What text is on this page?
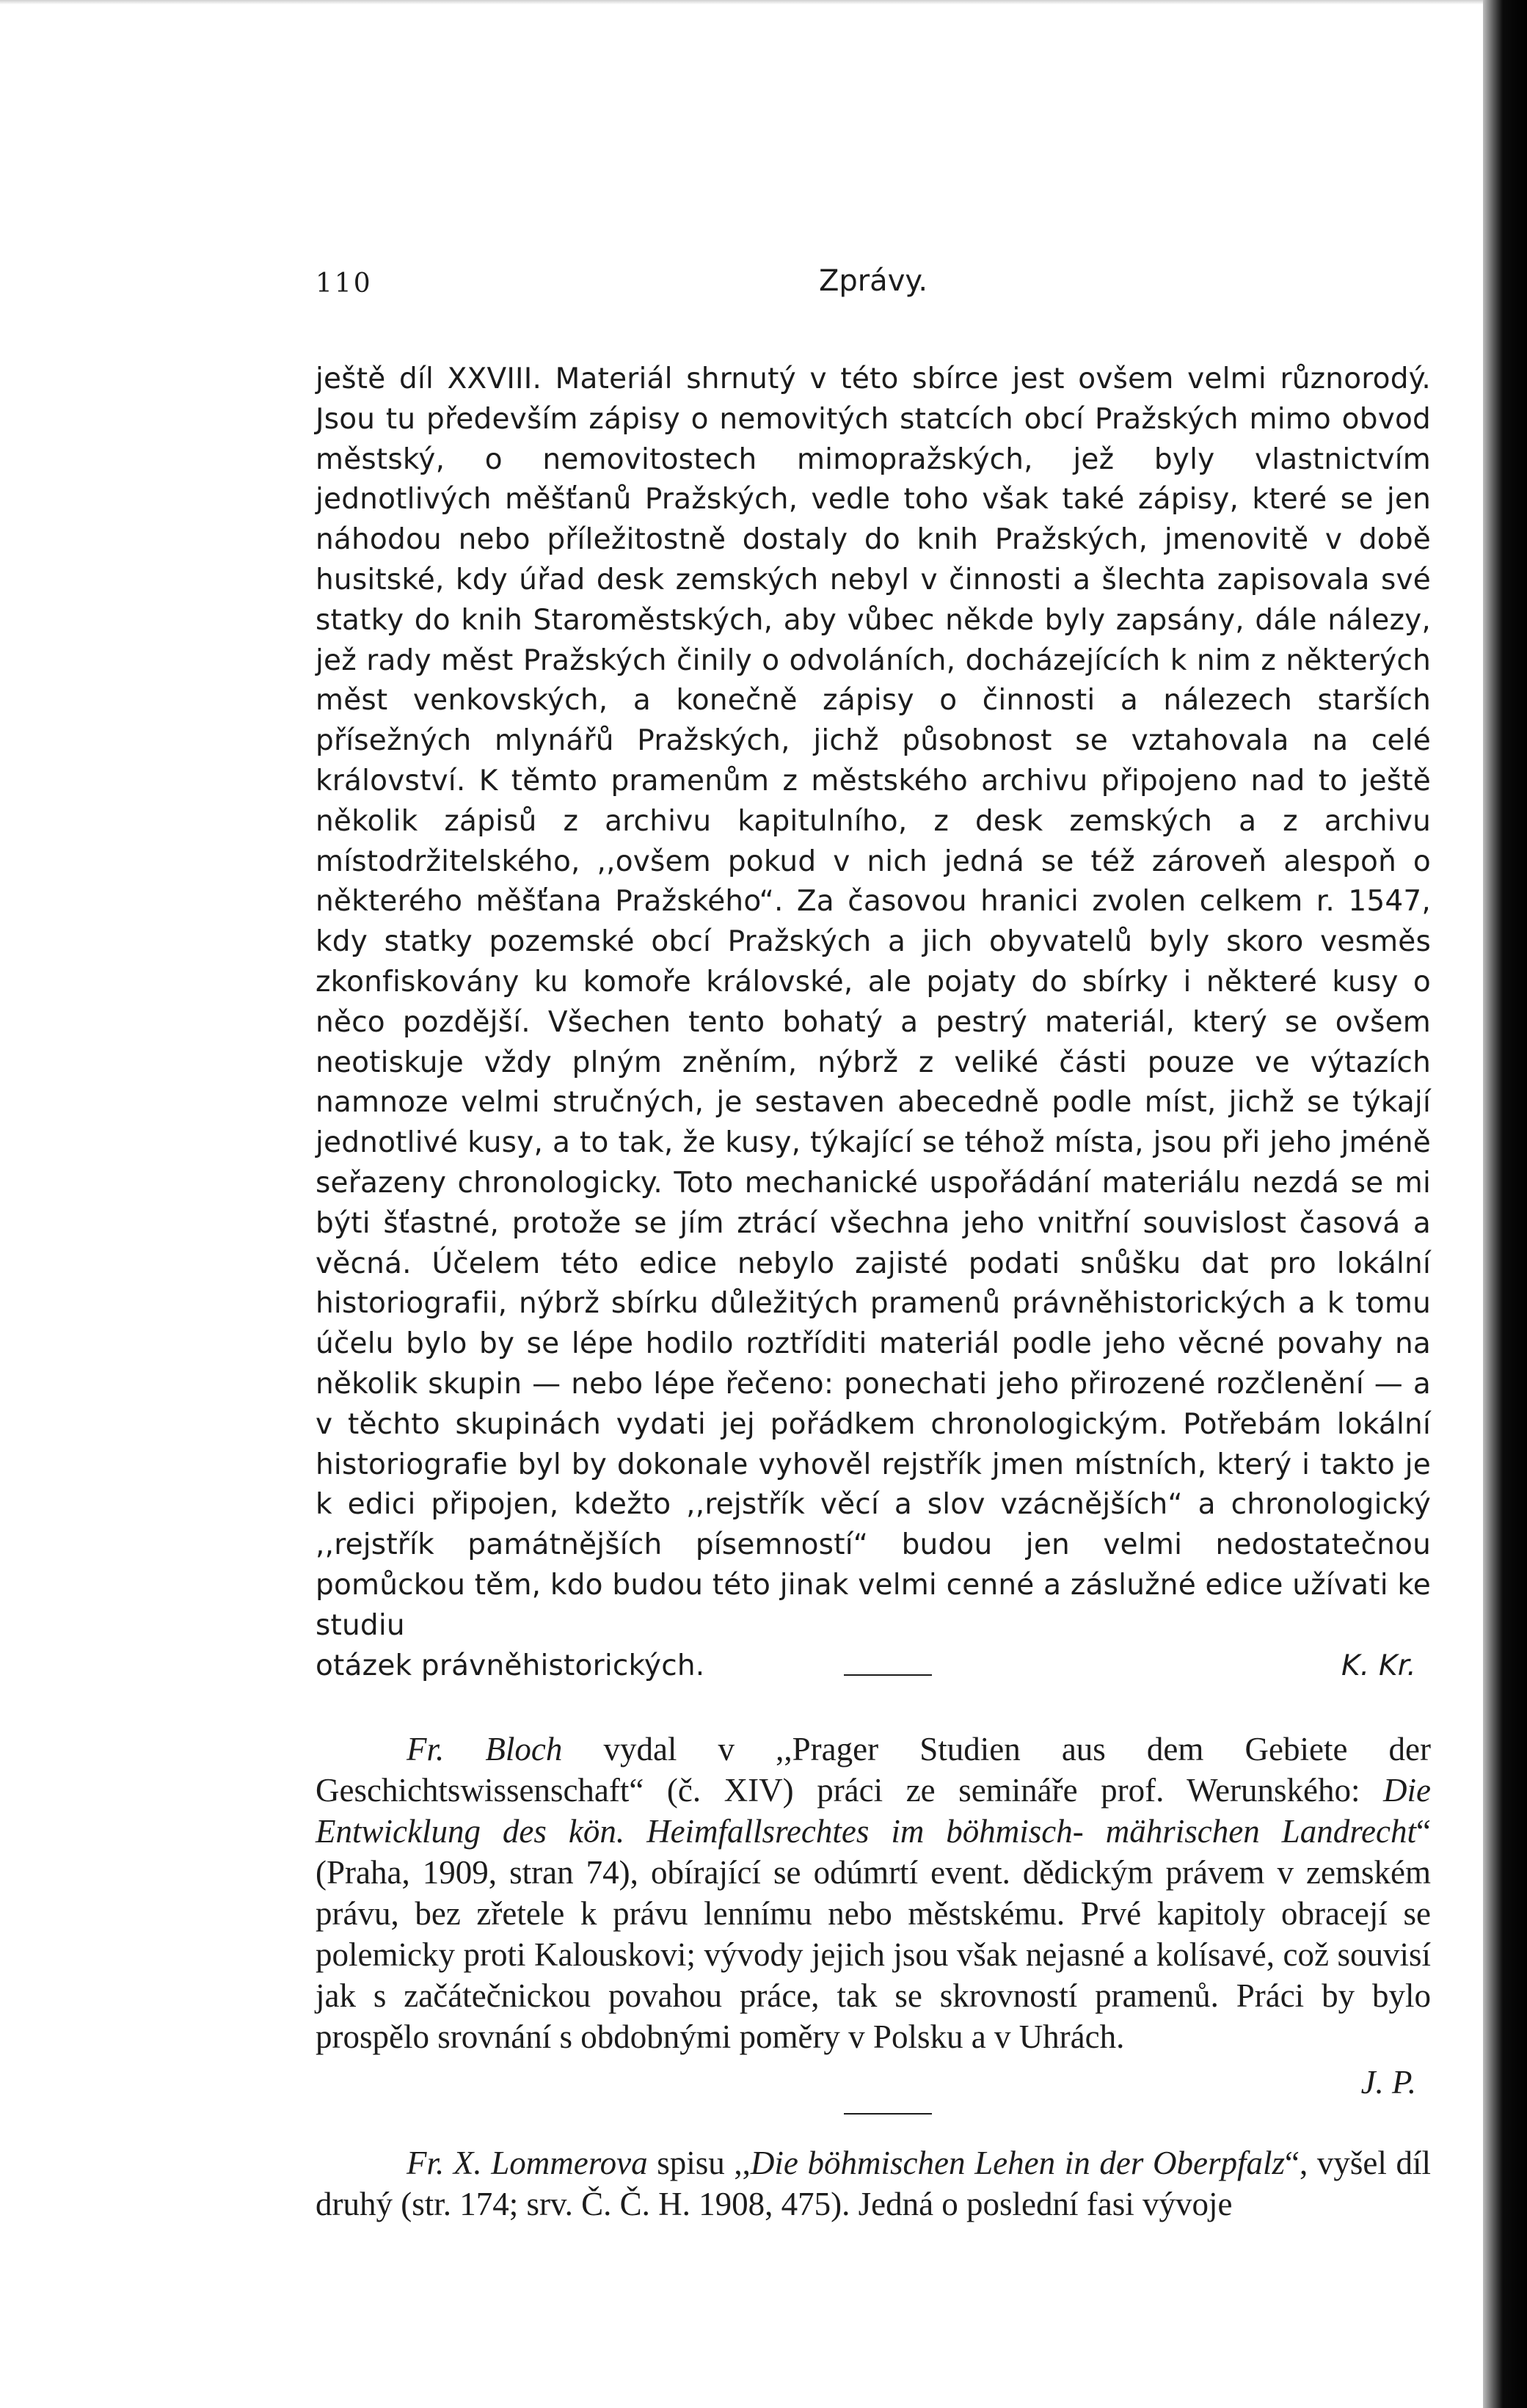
110	Zprávy.

ještě díl XXVIII. Materiál shrnutý v této sbírce jest ovšem velmi různorodý. Jsou tu především zápisy o nemovitých statcích obcí Pražských mimo obvod městský, o nemovitostech mimopražských, jež byly vlastnictvím jednotlivých měšťanů Pražských, vedle toho však také zápisy, které se jen náhodou nebo příležitostně dostaly do knih Pražských, jmenovitě v době husitské, kdy úřad desk zemských nebyl v činnosti a šlechta zapisovala své statky do knih Staroměstských, aby vůbec někde byly zapsány, dále nálezy, jež rady měst Pražských činily o odvoláních, docházejících k nim z některých měst venkovských, a konečně zápisy o činnosti a nálezech starších přísežných mlynářů Pražských, jichž působnost se vztahovala na celé království. K těmto pramenům z městského archivu připojeno nad to ještě několik zápisů z archivu kapitulního, z desk zemských a z archivu místodržitelského, ,,ovšem pokud v nich jedná se též zároveň alespoň o některého měšťana Pražského“. Za časovou hranici zvolen celkem r. 1547, kdy statky pozemské obcí Pražských a jich obyvatelů byly skoro vesměs zkonfiskovány ku komoře královské, ale pojaty do sbírky i některé kusy o něco pozdější. Všechen tento bohatý a pestrý materiál, který se ovšem neotiskuje vždy plným zněním, nýbrž z veliké části pouze ve výtazích namnoze velmi stručných, je sestaven abecedně podle míst, jichž se týkají jednotlivé kusy, a to tak, že kusy, týkající se téhož místa, jsou při jeho jméně seřazeny chronologicky. Toto mechanické uspořádání materiálu nezdá se mi býti šťastné, protože se jím ztrácí všechna jeho vnitřní souvislost časová a věcná. Účelem této edice nebylo zajisté podati snůšku dat pro lokální historiografii, nýbrž sbírku důležitých pramenů právněhistorických a k tomu účelu bylo by se lépe hodilo roztříditi materiál podle jeho věcné povahy na několik skupin — nebo lépe řečeno: ponechati jeho přirozené rozčlenění — a v těchto skupinách vydati jej pořádkem chronologickým. Potřebám lokální historiografie byl by dokonale vyhověl rejstřík jmen místních, který i takto je k edici připojen, kdežto ,,rejstřík věcí a slov vzácnějších“ a chronologický ,,rejstřík památnějších písemností“ budou jen velmi nedostatečnou pomůckou těm, kdo budou této jinak velmi cenné a záslužné edice užívati ke studiu

otázek právněhistorických.	K. Kr.

Fr. Bloch vydal v ,,Prager Studien aus dem Gebiete der Geschichtswissenschaft“ (č. XIV) práci ze semináře prof. Werunského: Die Entwicklung des kön. Heimfallsrechtes im böhmisch- mährischen Landrecht“ (Praha, 1909, stran 74), obírající se odúmrtí event. dědickým právem v zemském právu, bez zřetele k právu lennímu nebo městskému. Prvé kapitoly obracejí se polemicky proti Kalouskovi; vývody jejich jsou však nejasné a kolísavé, což souvisí jak s začátečnickou povahou práce, tak se skrovností pramenů. Práci by bylo prospělo srovnání s obdobnými poměry v Polsku a v Uhrách.

J. P.

Fr. X. Lommerova spisu ,,Die böhmischen Lehen in der Oberpfalz“, vyšel díl druhý (str. 174; srv. Č. Č. H. 1908, 475). Jedná o poslední fasi vývoje
